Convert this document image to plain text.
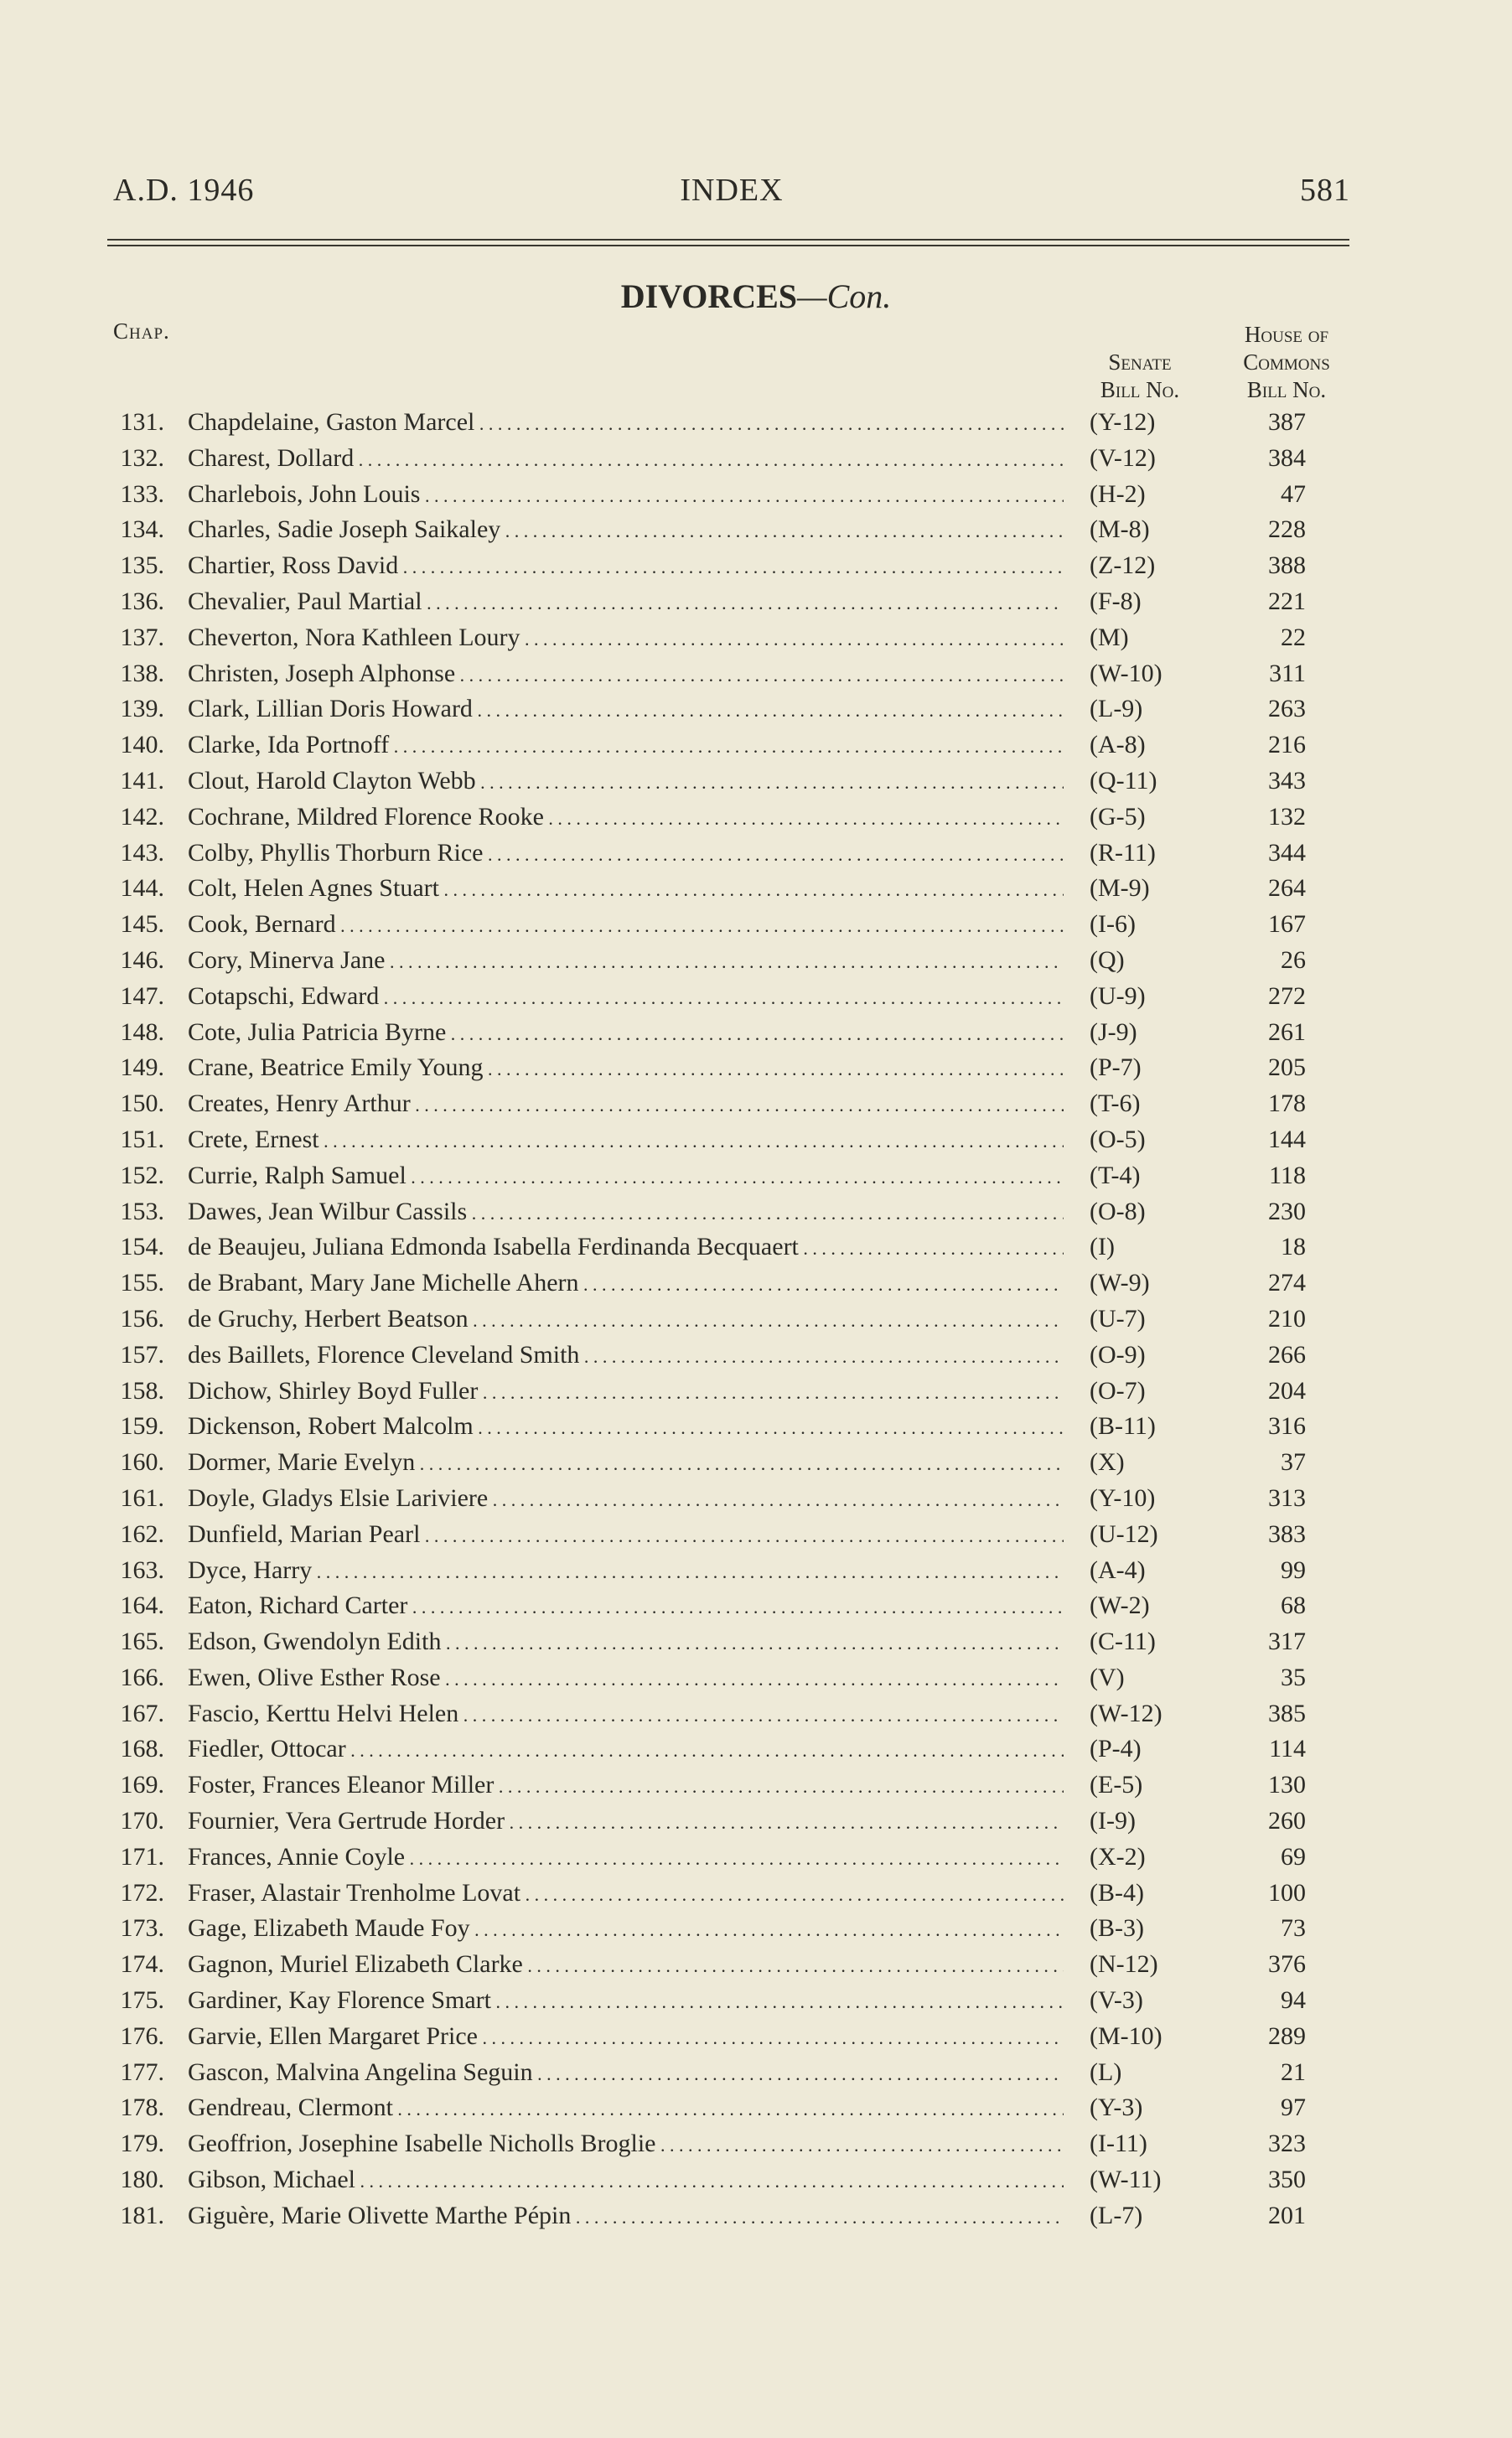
A.D. 1946	INDEX	581
DIVORCES—Con.
Chap.
Senate
Bill No.
House of
Commons
Bill No.
131. Chapdelaine, Gaston Marcel . . .	(Y-12)	387
132. Charest, Dollard . . .	(V-12)	384
133. Charlebois, John Louis . . .	(H-2)	47
134. Charles, Sadie Joseph Saikaley . . .	(M-8)	228
135. Chartier, Ross David . . .	(Z-12)	388
136. Chevalier, Paul Martial . . .	(F-8)	221
137. Cheverton, Nora Kathleen Loury . . .	(M)	22
138. Christen, Joseph Alphonse . . .	(W-10)	311
139. Clark, Lillian Doris Howard . . .	(L-9)	263
140. Clarke, Ida Portnoff . . .	(A-8)	216
141. Clout, Harold Clayton Webb . . .	(Q-11)	343
142. Cochrane, Mildred Florence Rooke . . .	(G-5)	132
143. Colby, Phyllis Thorburn Rice . . .	(R-11)	344
144. Colt, Helen Agnes Stuart . . .	(M-9)	264
145. Cook, Bernard . . .	(I-6)	167
146. Cory, Minerva Jane . . .	(Q)	26
147. Cotapschi, Edward . . .	(U-9)	272
148. Cote, Julia Patricia Byrne . . .	(J-9)	261
149. Crane, Beatrice Emily Young . . .	(P-7)	205
150. Creates, Henry Arthur . . .	(T-6)	178
151. Crete, Ernest . . .	(O-5)	144
152. Currie, Ralph Samuel . . .	(T-4)	118
153. Dawes, Jean Wilbur Cassils . . .	(O-8)	230
154. de Beaujeu, Juliana Edmonda Isabella Ferdinanda Becquaert . . .	(I)	18
155. de Brabant, Mary Jane Michelle Ahern . . .	(W-9)	274
156. de Gruchy, Herbert Beatson . . .	(U-7)	210
157. des Baillets, Florence Cleveland Smith . . .	(O-9)	266
158. Dichow, Shirley Boyd Fuller . . .	(O-7)	204
159. Dickenson, Robert Malcolm . . .	(B-11)	316
160. Dormer, Marie Evelyn . . .	(X)	37
161. Doyle, Gladys Elsie Lariviere . . .	(Y-10)	313
162. Dunfield, Marian Pearl . . .	(U-12)	383
163. Dyce, Harry . . .	(A-4)	99
164. Eaton, Richard Carter . . .	(W-2)	68
165. Edson, Gwendolyn Edith . . .	(C-11)	317
166. Ewen, Olive Esther Rose . . .	(V)	35
167. Fascio, Kerttu Helvi Helen . . .	(W-12)	385
168. Fiedler, Ottocar . . .	(P-4)	114
169. Foster, Frances Eleanor Miller . . .	(E-5)	130
170. Fournier, Vera Gertrude Horder . . .	(I-9)	260
171. Frances, Annie Coyle . . .	(X-2)	69
172. Fraser, Alastair Trenholme Lovat . . .	(B-4)	100
173. Gage, Elizabeth Maude Foy . . .	(B-3)	73
174. Gagnon, Muriel Elizabeth Clarke . . .	(N-12)	376
175. Gardiner, Kay Florence Smart . . .	(V-3)	94
176. Garvie, Ellen Margaret Price . . .	(M-10)	289
177. Gascon, Malvina Angelina Seguin . . .	(L)	21
178. Gendreau, Clermont . . .	(Y-3)	97
179. Geoffrion, Josephine Isabelle Nicholls Broglie . . .	(I-11)	323
180. Gibson, Michael . . .	(W-11)	350
181. Giguère, Marie Olivette Marthe Pépin . . .	(L-7)	201
